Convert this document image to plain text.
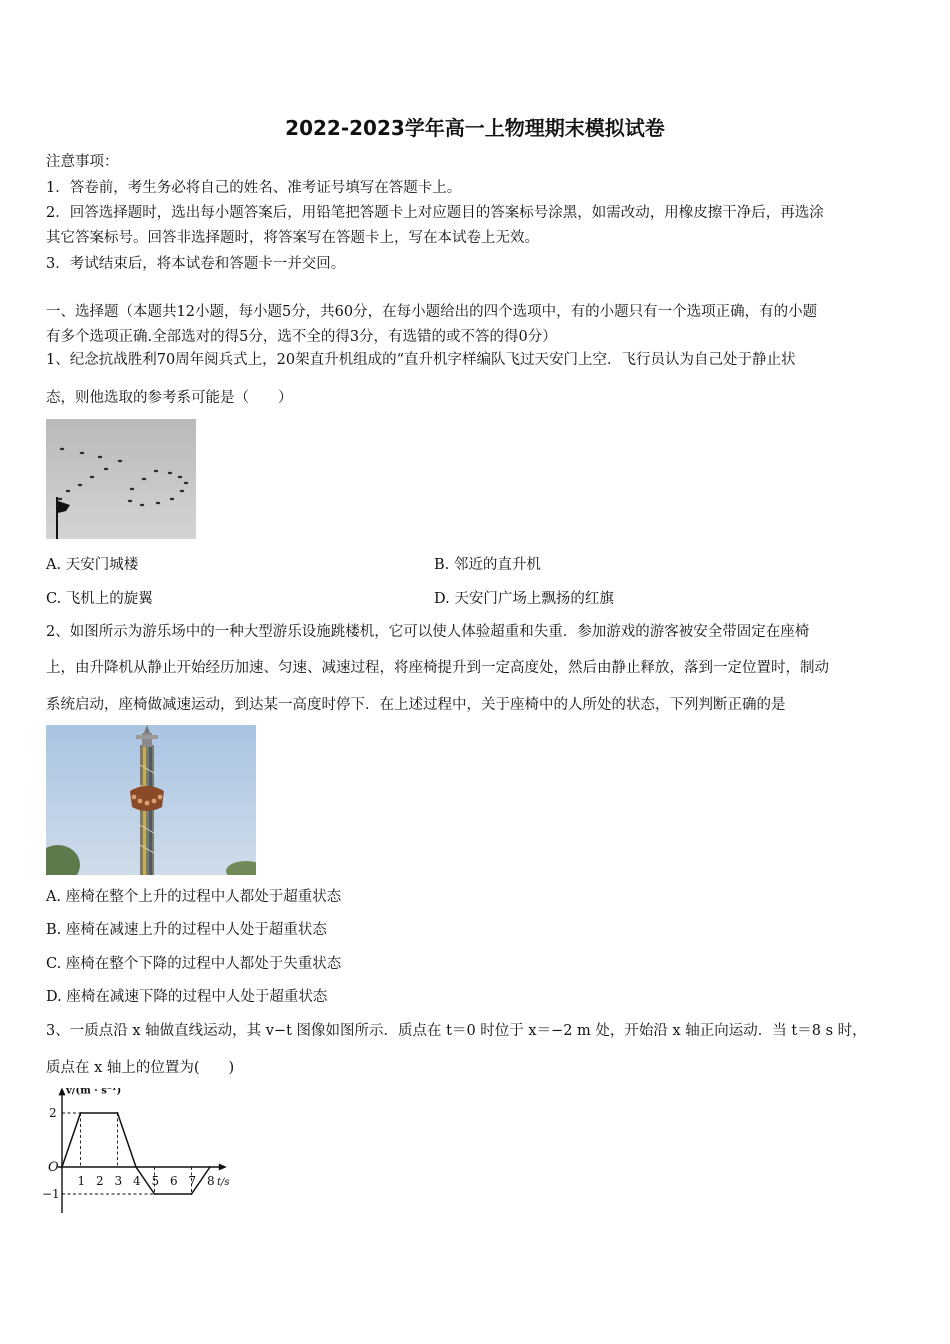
2022-2023学年高一上物理期末模拟试卷
注意事项：
1．答卷前，考生务必将自己的姓名、准考证号填写在答题卡上。
2．回答选择题时，选出每小题答案后，用铅笔把答题卡上对应题目的答案标号涂黑，如需改动，用橡皮擦干净后，再选涂
其它答案标号。回答非选择题时，将答案写在答题卡上，写在本试卷上无效。
3．考试结束后，将本试卷和答题卡一并交回。
一、选择题（本题共12小题，每小题5分，共60分，在每小题给出的四个选项中，有的小题只有一个选项正确，有的小题
有多个选项正确.全部选对的得5分，选不全的得3分，有选错的或不答的得0分）
1、纪念抗战胜利70周年阅兵式上，20架直升机组成的“直升机字样编队飞过天安门上空．飞行员认为自己处于静止状
态，则他选取的参考系可能是（　　）
A. 天安门城楼	B. 邻近的直升机
C. 飞机上的旋翼	D. 天安门广场上飘扬的红旗
2、如图所示为游乐场中的一种大型游乐设施跳楼机，它可以使人体验超重和失重．参加游戏的游客被安全带固定在座椅
上，由升降机从静止开始经历加速、匀速、减速过程，将座椅提升到一定高度处，然后由静止释放，落到一定位置时，制动
系统启动，座椅做减速运动，到达某一高度时停下．在上述过程中，关于座椅中的人所处的状态，下列判断正确的是
A. 座椅在整个上升的过程中人都处于超重状态
B. 座椅在减速上升的过程中人处于超重状态
C. 座椅在整个下降的过程中人都处于失重状态
D. 座椅在减速下降的过程中人处于超重状态
3、一质点沿 x 轴做直线运动，其 v−t 图像如图所示．质点在 t＝0 时位于 x＝−2 m 处，开始沿 x 轴正向运动．当 t＝8 s 时，
质点在 x 轴上的位置为(　　)
1 2 3 4 5 6 7 8
2
−1
O
v/(m · s⁻¹)
t/s
